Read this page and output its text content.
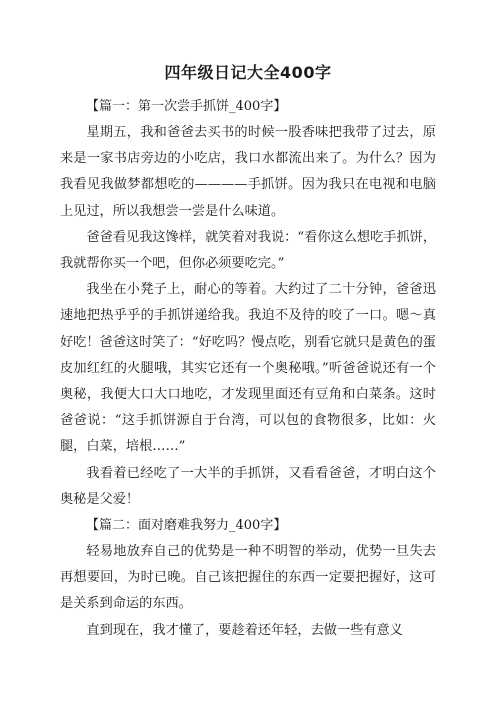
四年级日记大全400字

【篇一：第一次尝手抓饼_400字】

星期五，我和爸爸去买书的时候一股香味把我带了过去，原来是一家书店旁边的小吃店，我口水都流出来了。为什么？因为我看见我做梦都想吃的————手抓饼。因为我只在电视和电脑上见过，所以我想尝一尝是什么味道。

爸爸看见我这馋样，就笑着对我说：“看你这么想吃手抓饼，我就帮你买一个吧，但你必须要吃完。”

我坐在小凳子上，耐心的等着。大约过了二十分钟，爸爸迅速地把热乎乎的手抓饼递给我。我迫不及待的咬了一口。嗯～真好吃！爸爸这时笑了：“好吃吗？慢点吃，别看它就只是黄色的蛋皮加红红的火腿哦，其实它还有一个奥秘哦。”听爸爸说还有一个奥秘，我便大口大口地吃，才发现里面还有豆角和白菜条。这时爸爸说：“这手抓饼源自于台湾，可以包的食物很多，比如：火腿，白菜，培根……”

我看着已经吃了一大半的手抓饼，又看看爸爸，才明白这个奥秘是父爱！

【篇二：面对磨难我努力_400字】

轻易地放弃自己的优势是一种不明智的举动，优势一旦失去再想要回，为时已晚。自己该把握住的东西一定要把握好，这可是关系到命运的东西。

直到现在，我才懂了，要趁着还年轻，去做一些有意义
